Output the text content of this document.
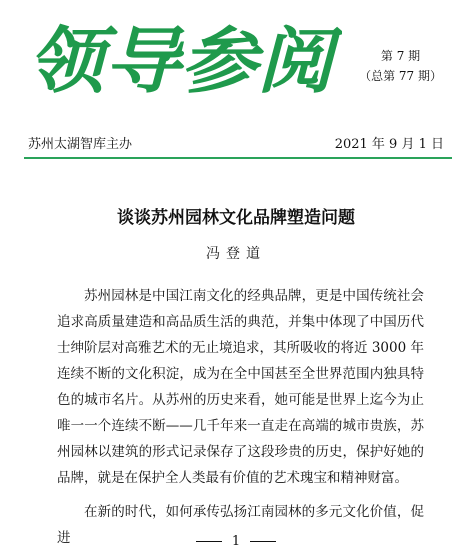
领导参阅	第 7 期
（总第 77 期）
苏州太湖智库主办	2021 年 9 月 1 日
谈谈苏州园林文化品牌塑造问题
冯登道

苏州园林是中国江南文化的经典品牌，更是中国传统社会追求高质量建造和高品质生活的典范，并集中体现了中国历代士绅阶层对高雅艺术的无止境追求，其所吸收的将近 3000 年连续不断的文化积淀，成为在全中国甚至全世界范围内独具特色的城市名片。从苏州的历史来看，她可能是世界上迄今为止唯一一个连续不断——几千年来一直走在高端的城市贵族，苏州园林以建筑的形式记录保存了这段珍贵的历史，保护好她的品牌，就是在保护全人类最有价值的艺术瑰宝和精神财富。

在新的时代，如何承传弘扬江南园林的多元文化价值，促进	1
